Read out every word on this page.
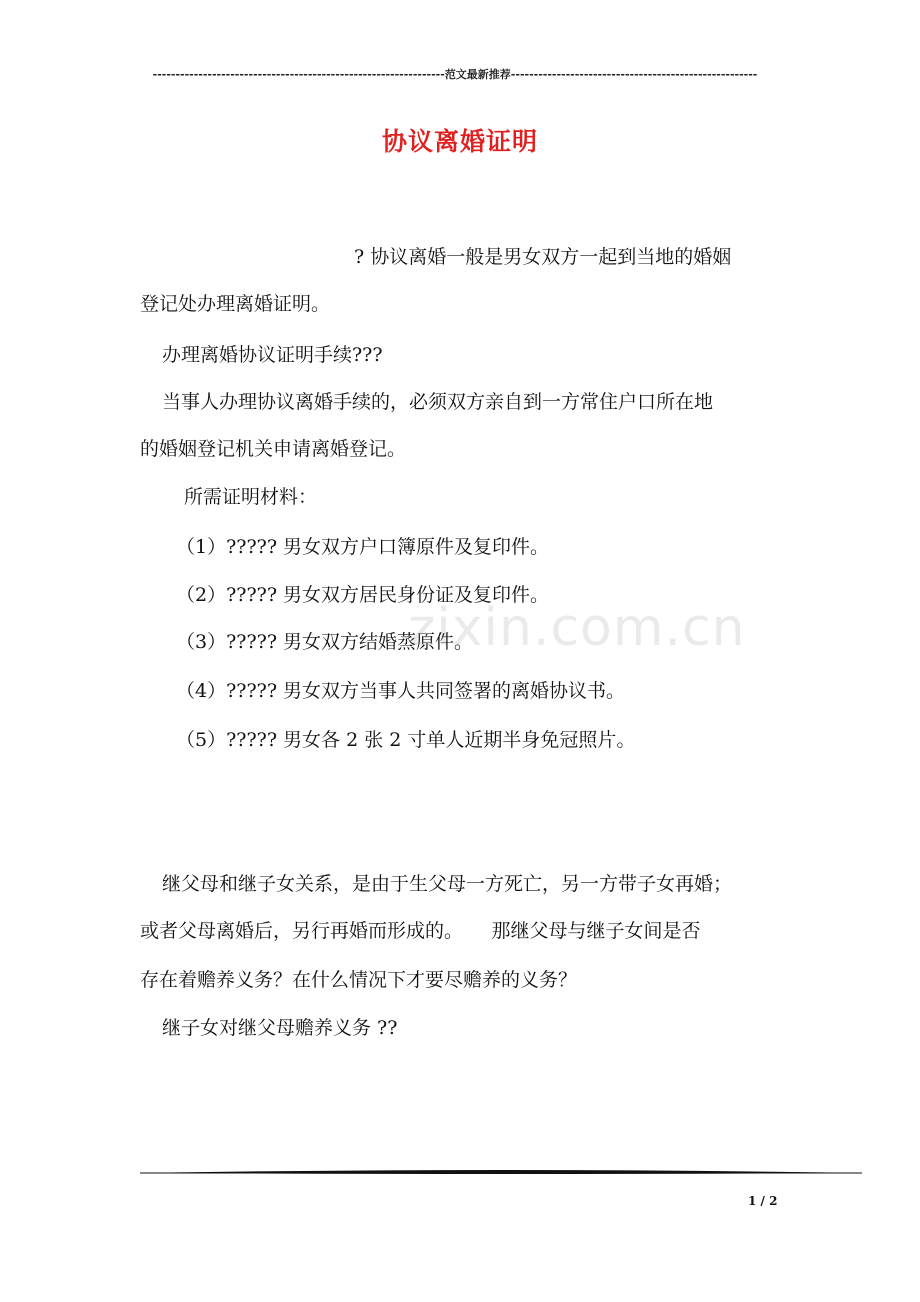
----------------------------------------------------------------范文最新推荐------------------------------------------------------
协议离婚证明
? 协议离婚一般是男女双方一起到当地的婚姻
登记处办理离婚证明。
办理离婚协议证明手续???
当事人办理协议离婚手续的，必须双方亲自到一方常住户口所在地
的婚姻登记机关申请离婚登记。
所需证明材料：
（1）????? 男女双方户口簿原件及复印件。
（2）????? 男女双方居民身份证及复印件。
（3）????? 男女双方结婚蒸原件。
（4）????? 男女双方当事人共同签署的离婚协议书。
（5）????? 男女各 2 张 2 寸单人近期半身免冠照片。
继父母和继子女关系，是由于生父母一方死亡，另一方带子女再婚；
或者父母离婚后，另行再婚而形成的。　　那继父母与继子女间是否
存在着赡养义务？在什么情况下才要尽赡养的义务？
继子女对继父母赡养义务 ??
zixin.com.cn
1 / 2
